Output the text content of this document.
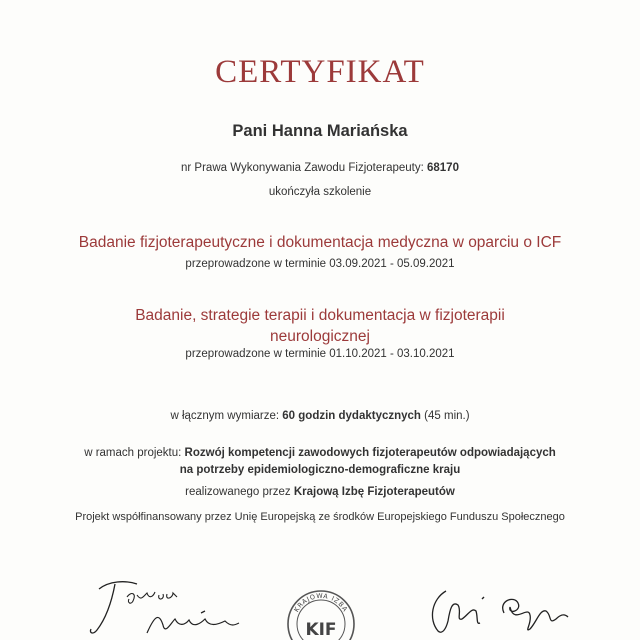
CERTYFIKAT
Pani Hanna Mariańska
nr Prawa Wykonywania Zawodu Fizjoterapeuty: 68170
ukończyła szkolenie
Badanie fizjoterapeutyczne i dokumentacja medyczna w oparciu o ICF
przeprowadzone w terminie 03.09.2021 - 05.09.2021
Badanie, strategie terapii i dokumentacja w fizjoterapii
neurologicznej
przeprowadzone w terminie 01.10.2021 - 03.10.2021
w łącznym wymiarze: 60 godzin dydaktycznych (45 min.)
w ramach projektu: Rozwój kompetencji zawodowych fizjoterapeutów odpowiadających
na potrzeby epidemiologiczno-demograficzne kraju
realizowanego przez Krajową Izbę Fizjoterapeutów
Projekt współfinansowany przez Unię Europejską ze środków Europejskiego Funduszu Społecznego
KRAJOWA IZBA
KIF
